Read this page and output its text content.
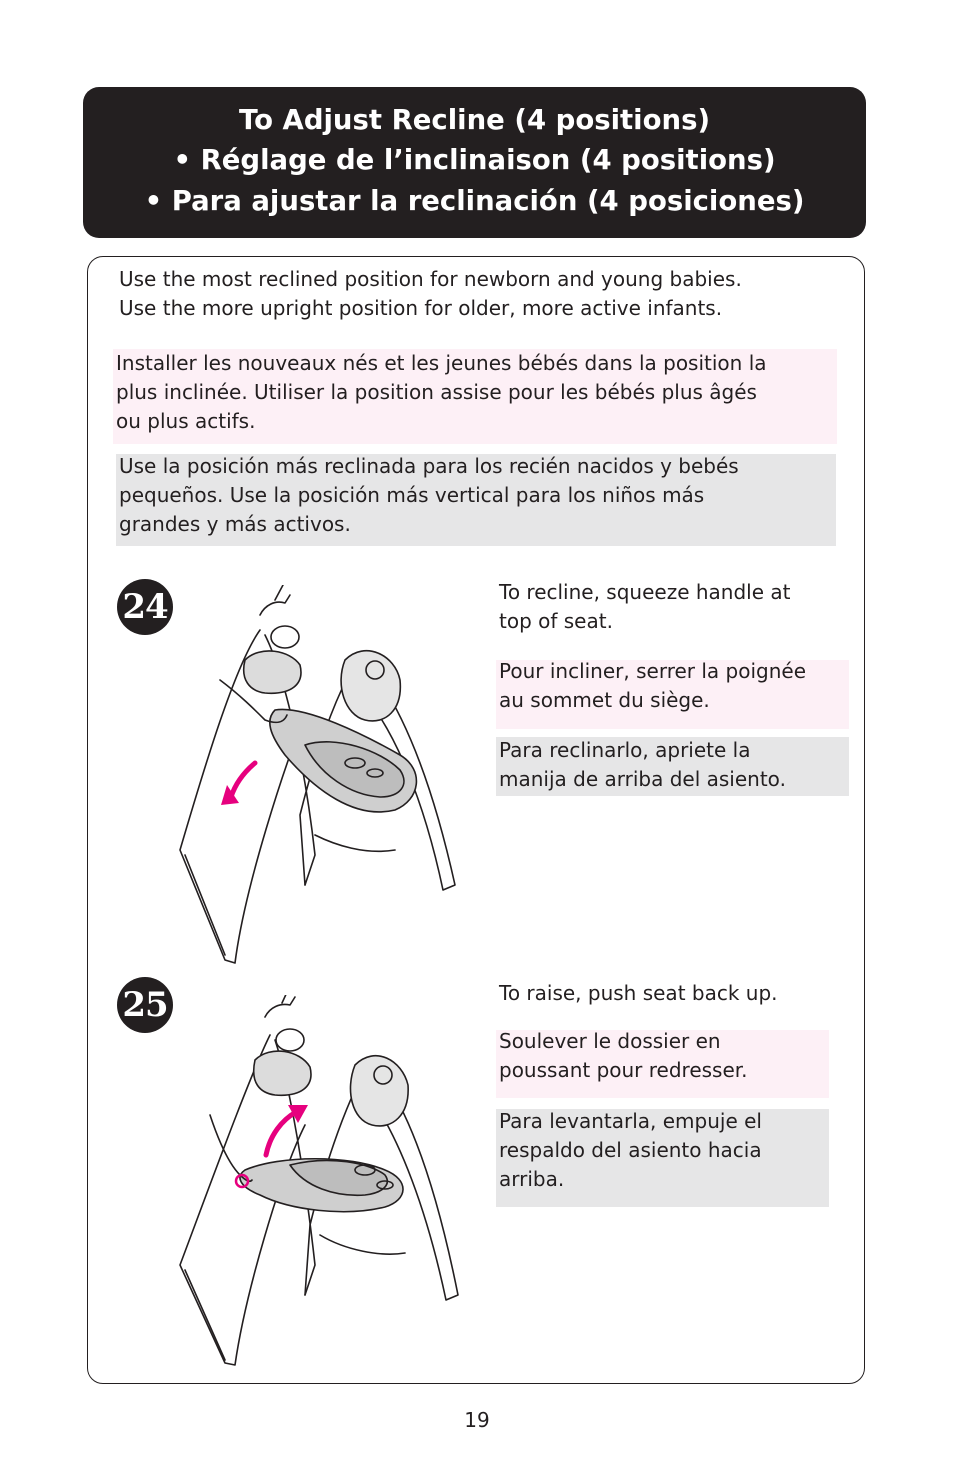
To Adjust Recline (4 positions)
• Réglage de l’inclinaison (4 positions)
• Para ajustar la reclinación (4 posiciones)
Use the most reclined position for newborn and young babies.
Use the more upright position for older, more active infants.
Installer les nouveaux nés et les jeunes bébés dans la position la
plus inclinée. Utiliser la position assise pour les bébés plus âgés
ou plus actifs.
Use la posición más reclinada para los recién nacidos y bebés
pequeños. Use la posición más vertical para los niños más
grandes y más activos.
24	To recline, squeeze handle at
top of seat.
Pour incliner, serrer la poignée
au sommet du siège.
Para reclinarlo, apriete la
manija de arriba del asiento.
25	To raise, push seat back up.
Soulever le dossier en
poussant pour redresser.
Para levantarla, empuje el
respaldo del asiento hacia
arriba.
19
